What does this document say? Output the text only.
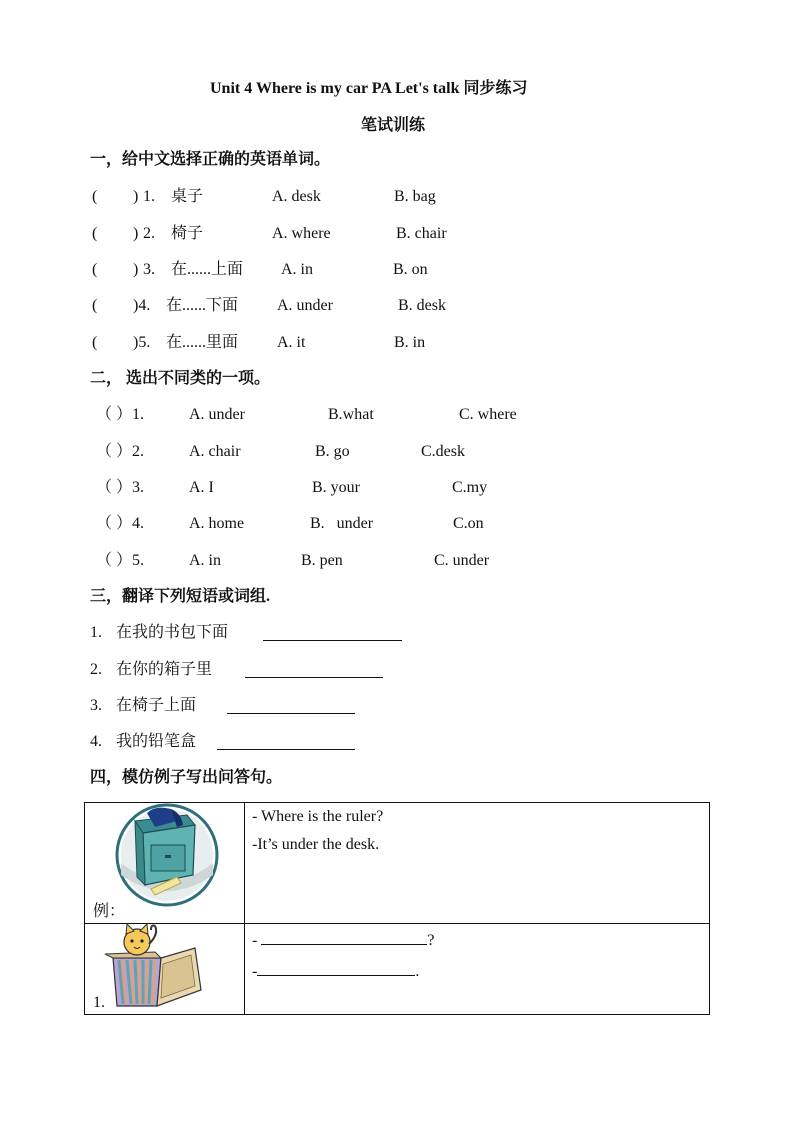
Unit 4 Where is my car PA Let's talk 同步练习
笔试训练
一，给中文选择正确的英语单词。
( ) 1. 桌子	A. desk	B. bag
( ) 2. 椅子	A. where	B. chair
( ) 3. 在......上面 A. in	B. on
( )4. 在......下面 A. under	B. desk
( )5. 在......里面 A. it	B. in
二， 选出不同类的一项。
（ ）1.	A. under	B.what	C. where
（ ）2.	A. chair	B. go	C.desk
（ ）3.	A. I	B. your	C.my
（ ）4.	A. home	B.   under	C.on
（ ）5.	A. in	B. pen	C. under
三，翻译下列短语或词组.
1. 在我的书包下面
2. 在你的箱子里
3. 在椅子上面
4. 我的铅笔盒
四，模仿例子写出问答句。
例：	- Where is the ruler?
-It’s under the desk.

1.	- ?
- .
